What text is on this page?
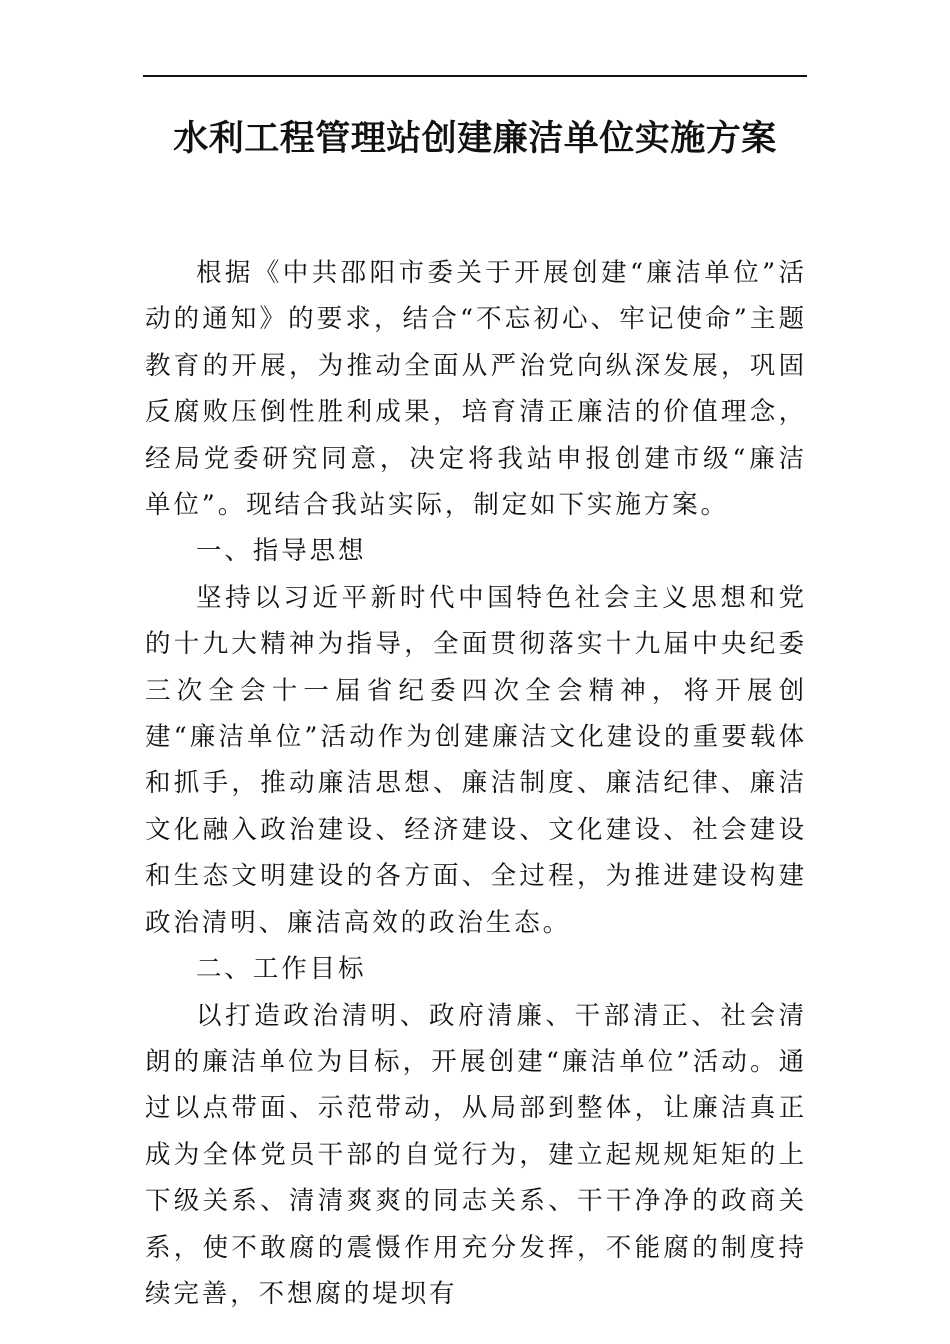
水利工程管理站创建廉洁单位实施方案

根据《中共邵阳市委关于开展创建“廉洁单位”活动的通知》的要求，结合“不忘初心、牢记使命”主题教育的开展，为推动全面从严治党向纵深发展，巩固反腐败压倒性胜利成果，培育清正廉洁的价值理念，经局党委研究同意，决定将我站申报创建市级“廉洁单位”。现结合我站实际，制定如下实施方案。

一、指导思想

坚持以习近平新时代中国特色社会主义思想和党的十九大精神为指导，全面贯彻落实十九届中央纪委三次全会十一届省纪委四次全会精神，将开展创建“廉洁单位”活动作为创建廉洁文化建设的重要载体和抓手，推动廉洁思想、廉洁制度、廉洁纪律、廉洁文化融入政治建设、经济建设、文化建设、社会建设和生态文明建设的各方面、全过程，为推进建设构建政治清明、廉洁高效的政治生态。

二、工作目标

以打造政治清明、政府清廉、干部清正、社会清朗的廉洁单位为目标，开展创建“廉洁单位”活动。通过以点带面、示范带动，从局部到整体，让廉洁真正成为全体党员干部的自觉行为，建立起规规矩矩的上下级关系、清清爽爽的同志关系、干干净净的政商关系，使不敢腐的震慑作用充分发挥，不能腐的制度持续完善，不想腐的堤坝有
